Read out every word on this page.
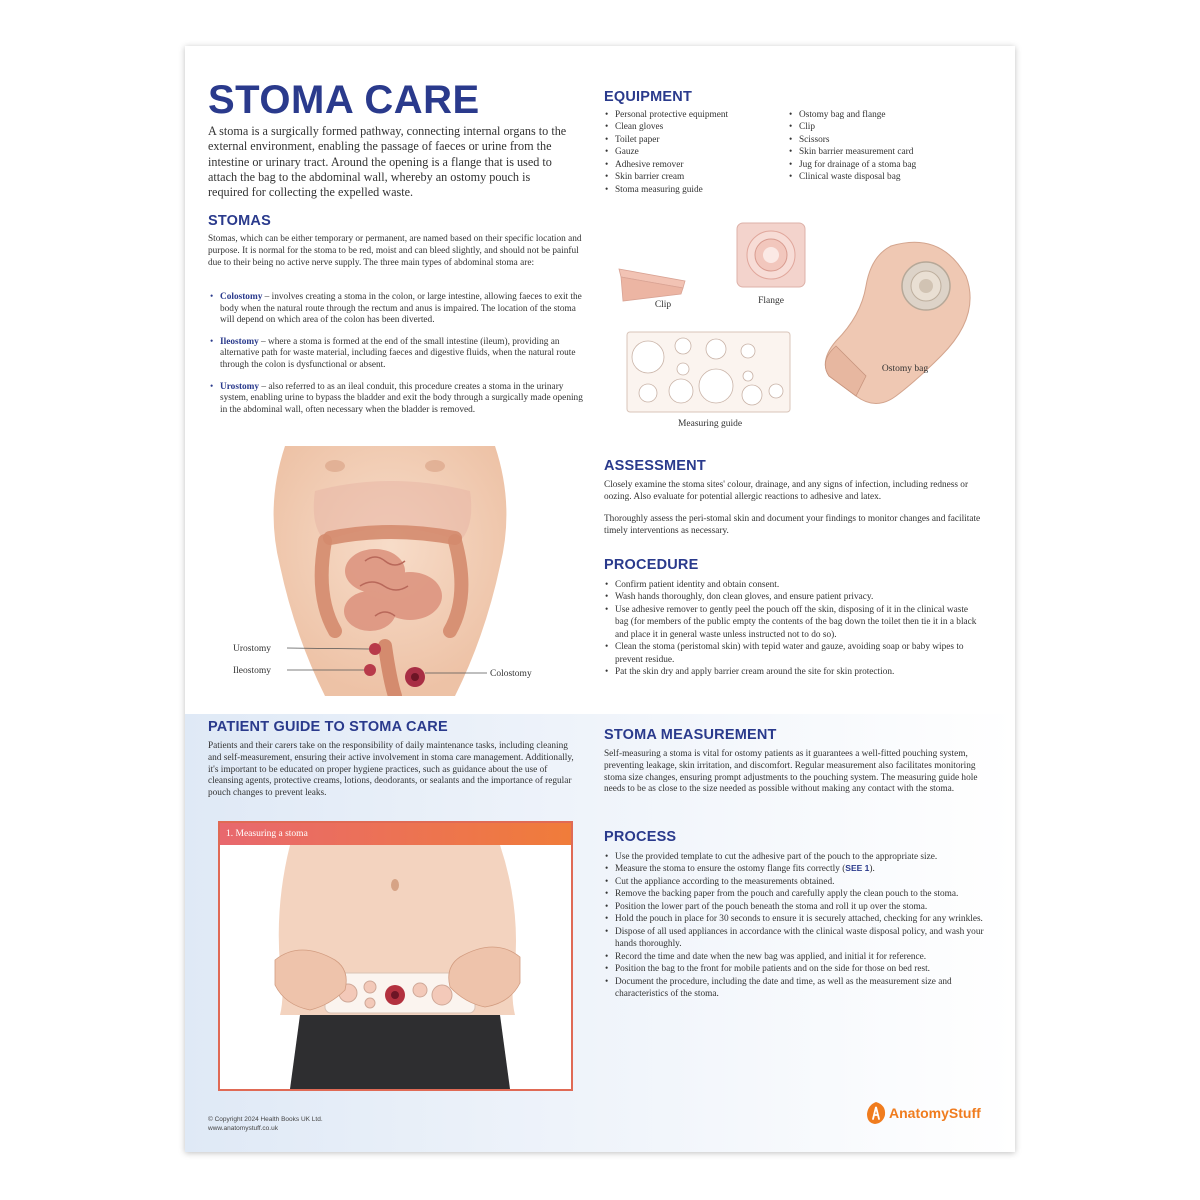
STOMA CARE

A stoma is a surgically formed pathway, connecting internal organs to the external environment, enabling the passage of faeces or urine from the intestine or urinary tract. Around the opening is a flange that is used to attach the bag to the abdominal wall, whereby an ostomy pouch is required for collecting the expelled waste.

STOMAS

Stomas, which can be either temporary or permanent, are named based on their specific location and purpose. It is normal for the stoma to be red, moist and can bleed slightly, and should not be painful due to their being no active nerve supply. The three main types of abdominal stoma are:

• Colostomy – involves creating a stoma in the colon, or large intestine, allowing faeces to exit the body when the natural route through the rectum and anus is impaired. The location of the stoma will depend on which area of the colon has been diverted.
• Ileostomy – where a stoma is formed at the end of the small intestine (ileum), providing an alternative path for waste material, including faeces and digestive fluids, when the natural route through the colon is dysfunctional or absent.
• Urostomy – also referred to as an ileal conduit, this procedure creates a stoma in the urinary system, enabling urine to bypass the bladder and exit the body through a surgically made opening in the abdominal wall, often necessary when the bladder is removed.
Urostomy
Ileostomy	Colostomy
EQUIPMENT
• Personal protective equipment
• Clean gloves
• Toilet paper
• Gauze
• Adhesive remover
• Skin barrier cream
• Stoma measuring guide
• Ostomy bag and flange
• Clip
• Scissors
• Skin barrier measurement card
• Jug for drainage of a stoma bag
• Clinical waste disposal bag
Clip	Flange
Ostomy bag
Measuring guide
ASSESSMENT

Closely examine the stoma sites' colour, drainage, and any signs of infection, including redness or oozing. Also evaluate for potential allergic reactions to adhesive and latex.

Thoroughly assess the peri-stomal skin and document your findings to monitor changes and facilitate timely interventions as necessary.

PROCEDURE
• Confirm patient identity and obtain consent.
• Wash hands thoroughly, don clean gloves, and ensure patient privacy.
• Use adhesive remover to gently peel the pouch off the skin, disposing of it in the clinical waste bag (for members of the public empty the contents of the bag down the toilet then tie it in a black and place it in general waste unless instructed not to do so).
• Clean the stoma (peristomal skin) with tepid water and gauze, avoiding soap or baby wipes to prevent residue.
• Pat the skin dry and apply barrier cream around the site for skin protection.
PATIENT GUIDE TO STOMA CARE

Patients and their carers take on the responsibility of daily maintenance tasks, including cleaning and self-measurement, ensuring their active involvement in stoma care management. Additionally, it's important to be educated on proper hygiene practices, such as guidance about the use of cleansing agents, protective creams, lotions, deodorants, or sealants and the importance of regular pouch changes to prevent leaks.

1. Measuring a stoma
STOMA MEASUREMENT

Self-measuring a stoma is vital for ostomy patients as it guarantees a well-fitted pouching system, preventing leakage, skin irritation, and discomfort. Regular measurement also facilitates monitoring stoma size changes, ensuring prompt adjustments to the pouching system. The measuring guide hole needs to be as close to the size needed as possible without making any contact with the stoma.

PROCESS
• Use the provided template to cut the adhesive part of the pouch to the appropriate size.
• Measure the stoma to ensure the ostomy flange fits correctly (SEE 1).
• Cut the appliance according to the measurements obtained.
• Remove the backing paper from the pouch and carefully apply the clean pouch to the stoma.
• Position the lower part of the pouch beneath the stoma and roll it up over the stoma.
• Hold the pouch in place for 30 seconds to ensure it is securely attached, checking for any wrinkles.
• Dispose of all used appliances in accordance with the clinical waste disposal policy, and wash your hands thoroughly.
• Record the time and date when the new bag was applied, and initial it for reference.
• Position the bag to the front for mobile patients and on the side for those on bed rest.
• Document the procedure, including the date and time, as well as the measurement size and characteristics of the stoma.
© Copyright 2024 Health Books UK Ltd.
www.anatomystuff.co.uk
AnatomyStuff
